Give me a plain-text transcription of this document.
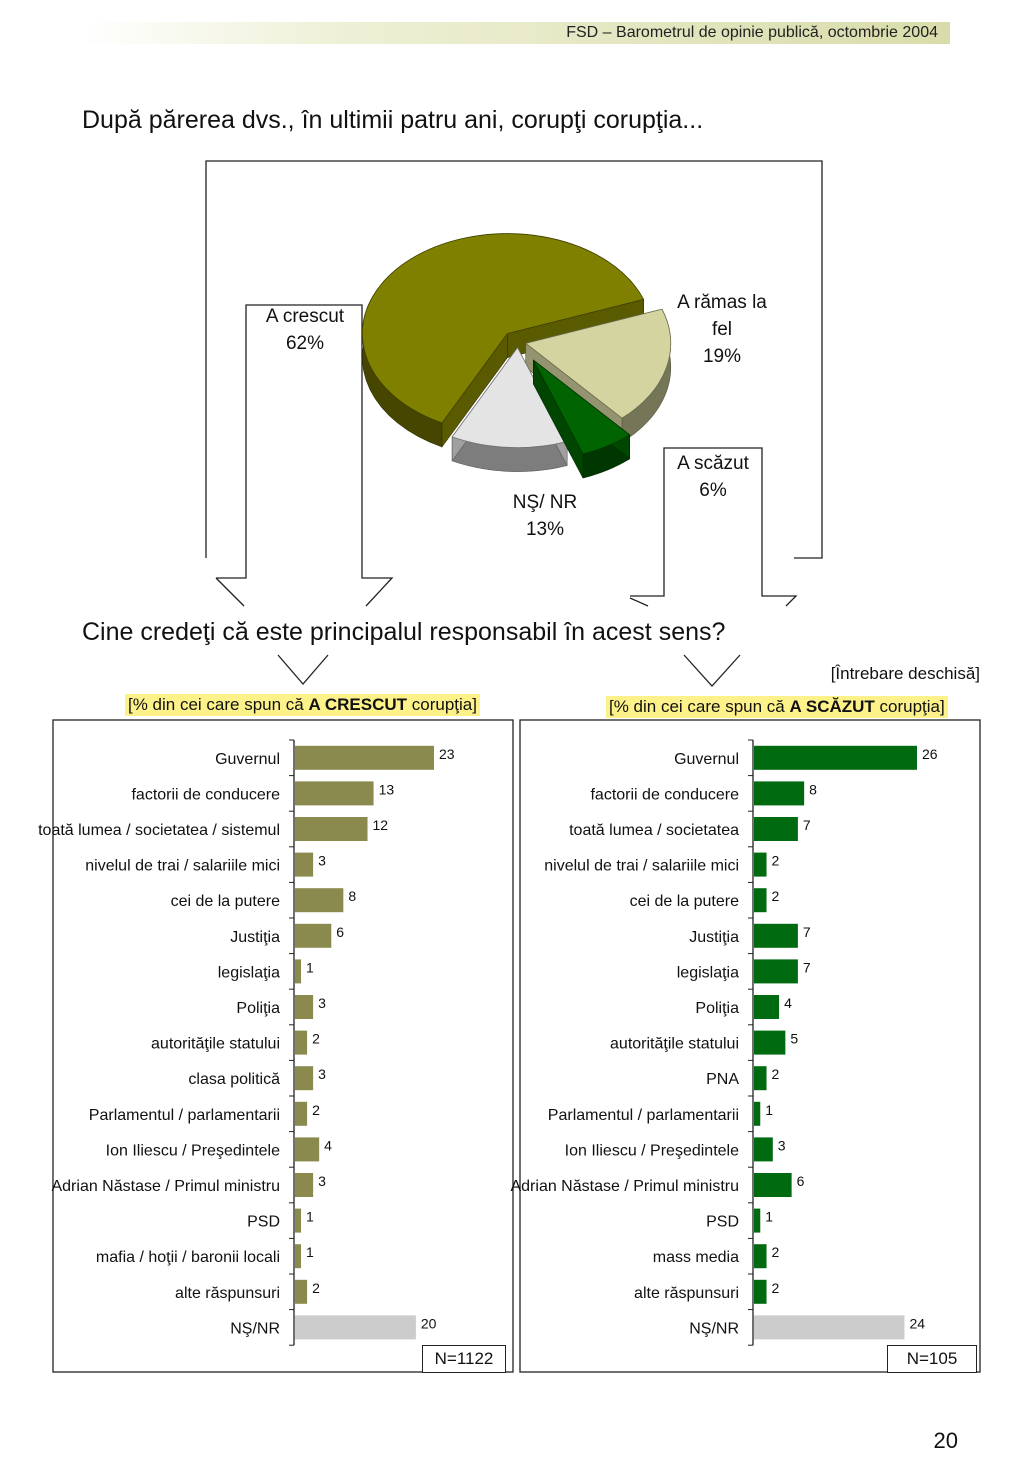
FSD – Barometrul de opinie publică, octombrie 2004
După părerea dvs., în ultimii patru ani, corupţi corupţia...
A crescut 62%
A rămas la fel 19%
A scăzut 6%
NŞ/ NR 13%
Guvernul	23
factorii de conducere	13
toată lumea / societatea / sistemul	12
nivelul de trai / salariile mici	3
cei de la putere	8
Justiţia	6
legislaţia 1
Poliţia	3
autorităţile statului 2
clasa politică	3
Parlamentul / parlamentarii 2
Ion Iliescu / Preşedintele	4
Adrian Năstase / Primul ministru	3
PSD 1
mafia / hoţii / baronii locali 1
alte răspunsuri 2
NŞ/NR	20
Guvernul	26
factorii de conducere	8
toată lumea / societatea	7
nivelul de trai / salariile mici 2
cei de la putere 2
Justiţia	7
legislaţia	7
Poliţia	4
autorităţile statului	5
PNA 2
Parlamentul / parlamentarii 1
Ion Iliescu / Preşedintele	3
Adrian Năstase / Primul ministru	6
PSD 1
mass media 2
alte răspunsuri 2
NŞ/NR	24
Cine credeţi că este principalul responsabil în acest sens?
[Întrebare deschisă]
[% din cei care spun că A CRESCUT corupţia]	[% din cei care spun că A SCĂZUT corupţia]
N=1122	N=105
20
